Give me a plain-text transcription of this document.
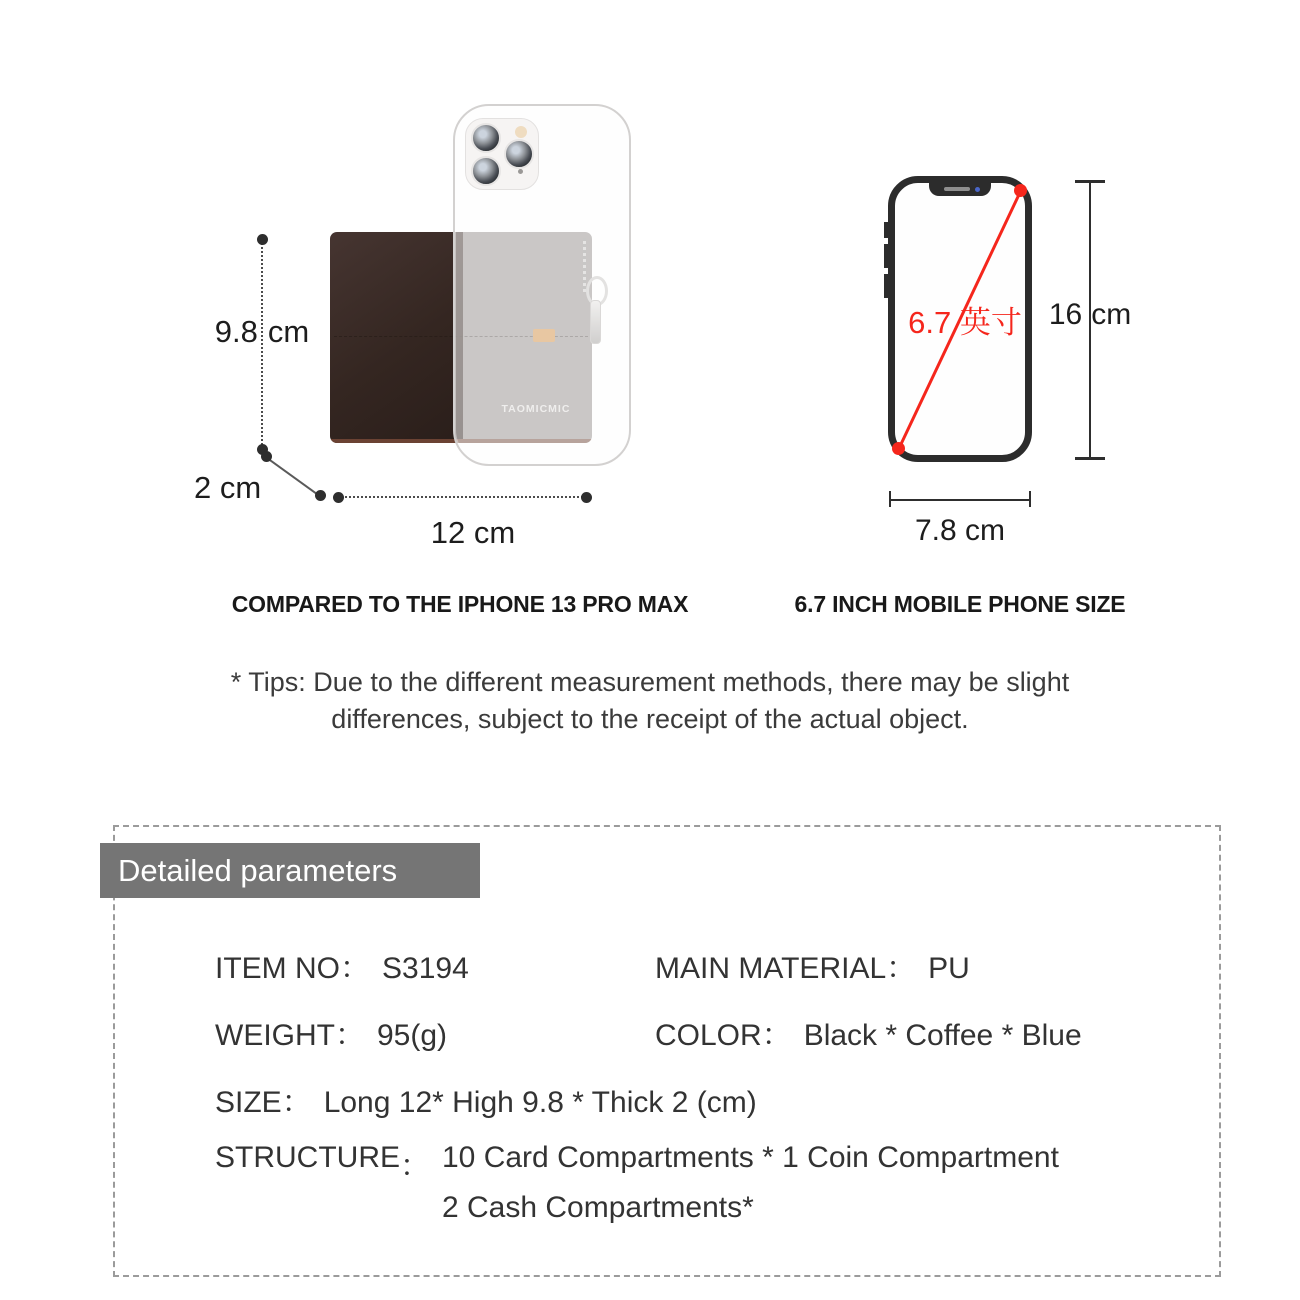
9.8 cm
2 cm
12 cm
6.7 英寸 16 cm
7.8 cm
COMPARED TO THE IPHONE 13 PRO MAX	6.7 INCH MOBILE PHONE SIZE
* Tips: Due to the different measurement methods, there may be slight
differences, subject to the receipt of the actual object.
Detailed parameters
ITEM NO： S3194	MAIN MATERIAL： PU
WEIGHT： 95(g)	COLOR： Black * Coffee * Blue
SIZE： Long 12* High 9.8 * Thick 2 (cm)
STRUCTURE ： 10 Card Compartments * 1 Coin Compartment
2 Cash Compartments*
